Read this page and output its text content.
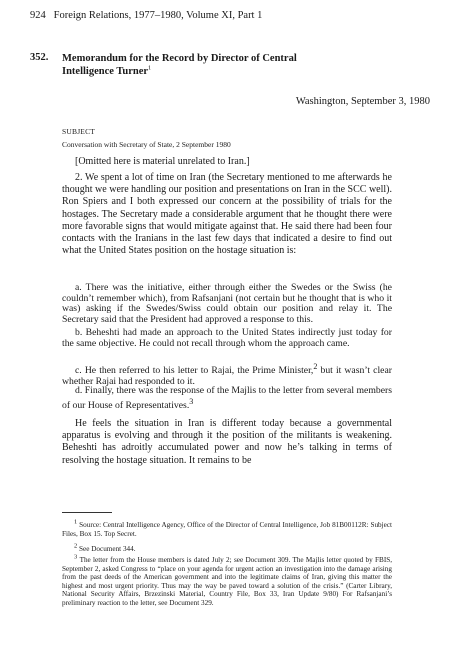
924 Foreign Relations, 1977–1980, Volume XI, Part 1
352. Memorandum for the Record by Director of Central
Intelligence Turner$^1$
Washington, September 3, 1980
SUBJECT
Conversation with Secretary of State, 2 September 1980

[Omitted here is material unrelated to Iran.]

2. We spent a lot of time on Iran (the Secretary mentioned to me afterwards he thought we were handling our position and presentations on Iran in the SCC well). Ron Spiers and I both expressed our concern at the possibility of trials for the hostages. The Secretary made a considerable argument that he thought there were more favorable signs that would mitigate against that. He said there had been four contacts with the Iranians in the last few days that indicated a desire to find out what the United States position on the hostage situation is:

a. There was the initiative, either through either the Swedes or the Swiss (he couldn’t remember which), from Rafsanjani (not certain but he thought that is who it was) asking if the Swedes/Swiss could obtain our position and relay it. The Secretary said that the President had approved a response to this.

b. Beheshti had made an approach to the United States indirectly just today for the same objective. He could not recall through whom the approach came.

c. He then referred to his letter to Rajai, the Prime Minister,$^2$ but it wasn’t clear whether Rajai had responded to it.

d. Finally, there was the response of the Majlis to the letter from several members of our House of Representatives.$^3$

He feels the situation in Iran is different today because a governmental apparatus is evolving and through it the position of the militants is weakening. Beheshti has adroitly accumulated power and now he’s talking in terms of resolving the hostage situation. It remains to be

$^1$ Source: Central Intelligence Agency, Office of the Director of Central Intelligence, Job 81B00112R: Subject Files, Box 15. Top Secret.

$^2$ See Document 344.

$^3$ The letter from the House members is dated July 2; see Document 309. The Majlis letter quoted by FBIS, September 2, asked Congress to “place on your agenda for urgent action an investigation into the damage arising from the past deeds of the American government and into the legitimate claims of Iran, giving this matter the highest and most urgent priority. Thus may the way be paved toward a solution of the crisis.” (Carter Library, National Security Affairs, Brzezinski Material, Country File, Box 33, Iran Update 9/80) For Rafsanjani’s preliminary reaction to the letter, see Document 329.
